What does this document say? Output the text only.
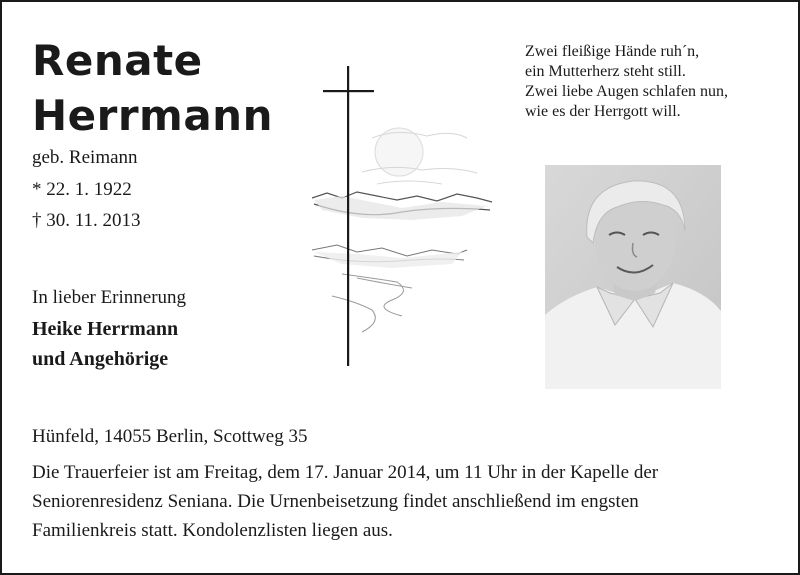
Renate
Herrmann
geb. Reimann
* 22. 1. 1922
† 30. 11. 2013
Zwei fleißige Hände ruh´n,
ein Mutterherz steht still.
Zwei liebe Augen schlafen nun,
wie es der Herrgott will.
In lieber Erinnerung
Heike Herrmann
und Angehörige
Hünfeld, 14055 Berlin, Scottweg 35
Die Trauerfeier ist am Freitag, dem 17. Januar 2014, um 11 Uhr in der Kapelle der
Seniorenresidenz Seniana. Die Urnenbeisetzung findet anschließend im engsten
Familienkreis statt. Kondolenzlisten liegen aus.
